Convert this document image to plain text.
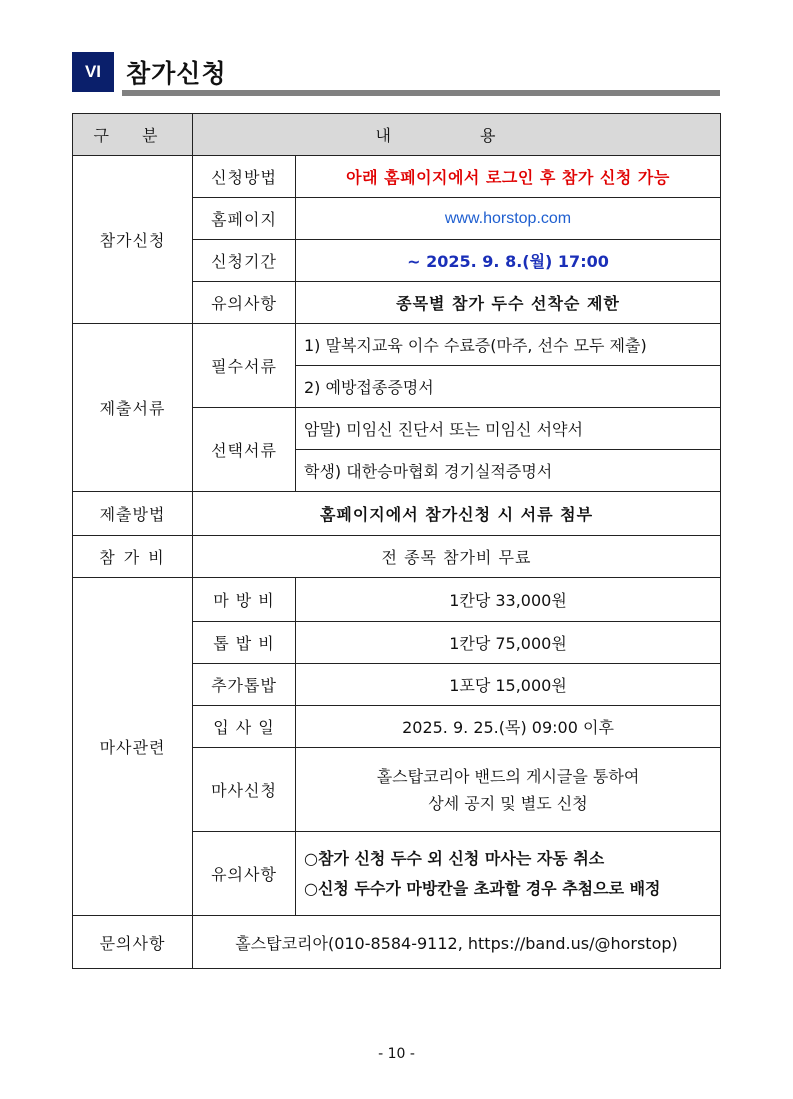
VI 참가신청
구 분	내 용	
참가신청	신청방법	아래 홈페이지에서 로그인 후 참가 신청 가능
	홈페이지	www.horstop.com
	신청기간	~ 2025. 9. 8.(월) 17:00
	유의사항	종목별 참가 두수 선착순 제한
제출서류	필수서류	1) 말복지교육 이수 수료증(마주, 선수 모두 제출)
		2) 예방접종증명서
	선택서류	암말) 미임신 진단서 또는 미임신 서약서
		학생) 대한승마협회 경기실적증명서
제출방법	홈페이지에서 참가신청 시 서류 첨부	
참 가 비	전 종목 참가비 무료	
마사관련	마 방 비	1칸당 33,000원
	톱 밥 비	1칸당 75,000원
	추가톱밥	1포당 15,000원
	입 사 일	2025. 9. 25.(목) 09:00 이후
	마사신청	홀스탑코리아 밴드의 게시글을 통하여
상세 공지 및 별도 신청

	유의사항	○참가 신청 두수 외 신청 마사는 자동 취소
○신청 두수가 마방칸을 초과할 경우 추첨으로 배정

문의사항	홀스탑코리아(010-8584-9112, https://band.us/@horstop)	
- 10 -
